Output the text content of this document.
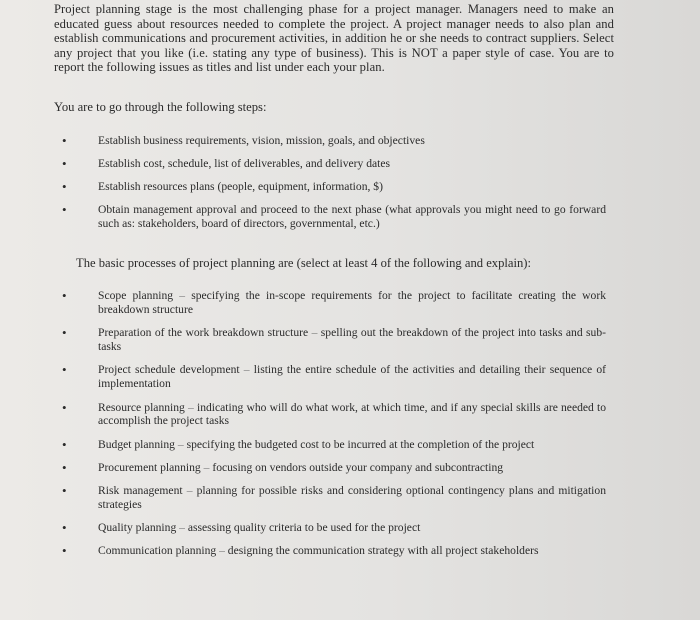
Project planning stage is the most challenging phase for a project manager. Managers need to make an educated guess about resources needed to complete the project. A project manager needs to also plan and establish communications and procurement activities, in addition he or she needs to contract suppliers. Select any project that you like (i.e. stating any type of business). This is NOT a paper style of case. You are to report the following issues as titles and list under each your plan.

You are to go through the following steps:

•	Establish business requirements, vision, mission, goals, and objectives
•	Establish cost, schedule, list of deliverables, and delivery dates
•	Establish resources plans (people, equipment, information, $)
•	Obtain management approval and proceed to the next phase (what approvals you might need to go forward such as: stakeholders, board of directors, governmental, etc.)

The basic processes of project planning are (select at least 4 of the following and explain):

•	Scope planning – specifying the in-scope requirements for the project to facilitate creating the work breakdown structure
•	Preparation of the work breakdown structure – spelling out the breakdown of the project into tasks and sub-tasks
•	Project schedule development – listing the entire schedule of the activities and detailing their sequence of implementation
•	Resource planning – indicating who will do what work, at which time, and if any special skills are needed to accomplish the project tasks
•	Budget planning – specifying the budgeted cost to be incurred at the completion of the project
•	Procurement planning – focusing on vendors outside your company and subcontracting
•	Risk management – planning for possible risks and considering optional contingency plans and mitigation strategies
•	Quality planning – assessing quality criteria to be used for the project
•	Communication planning – designing the communication strategy with all project stakeholders
